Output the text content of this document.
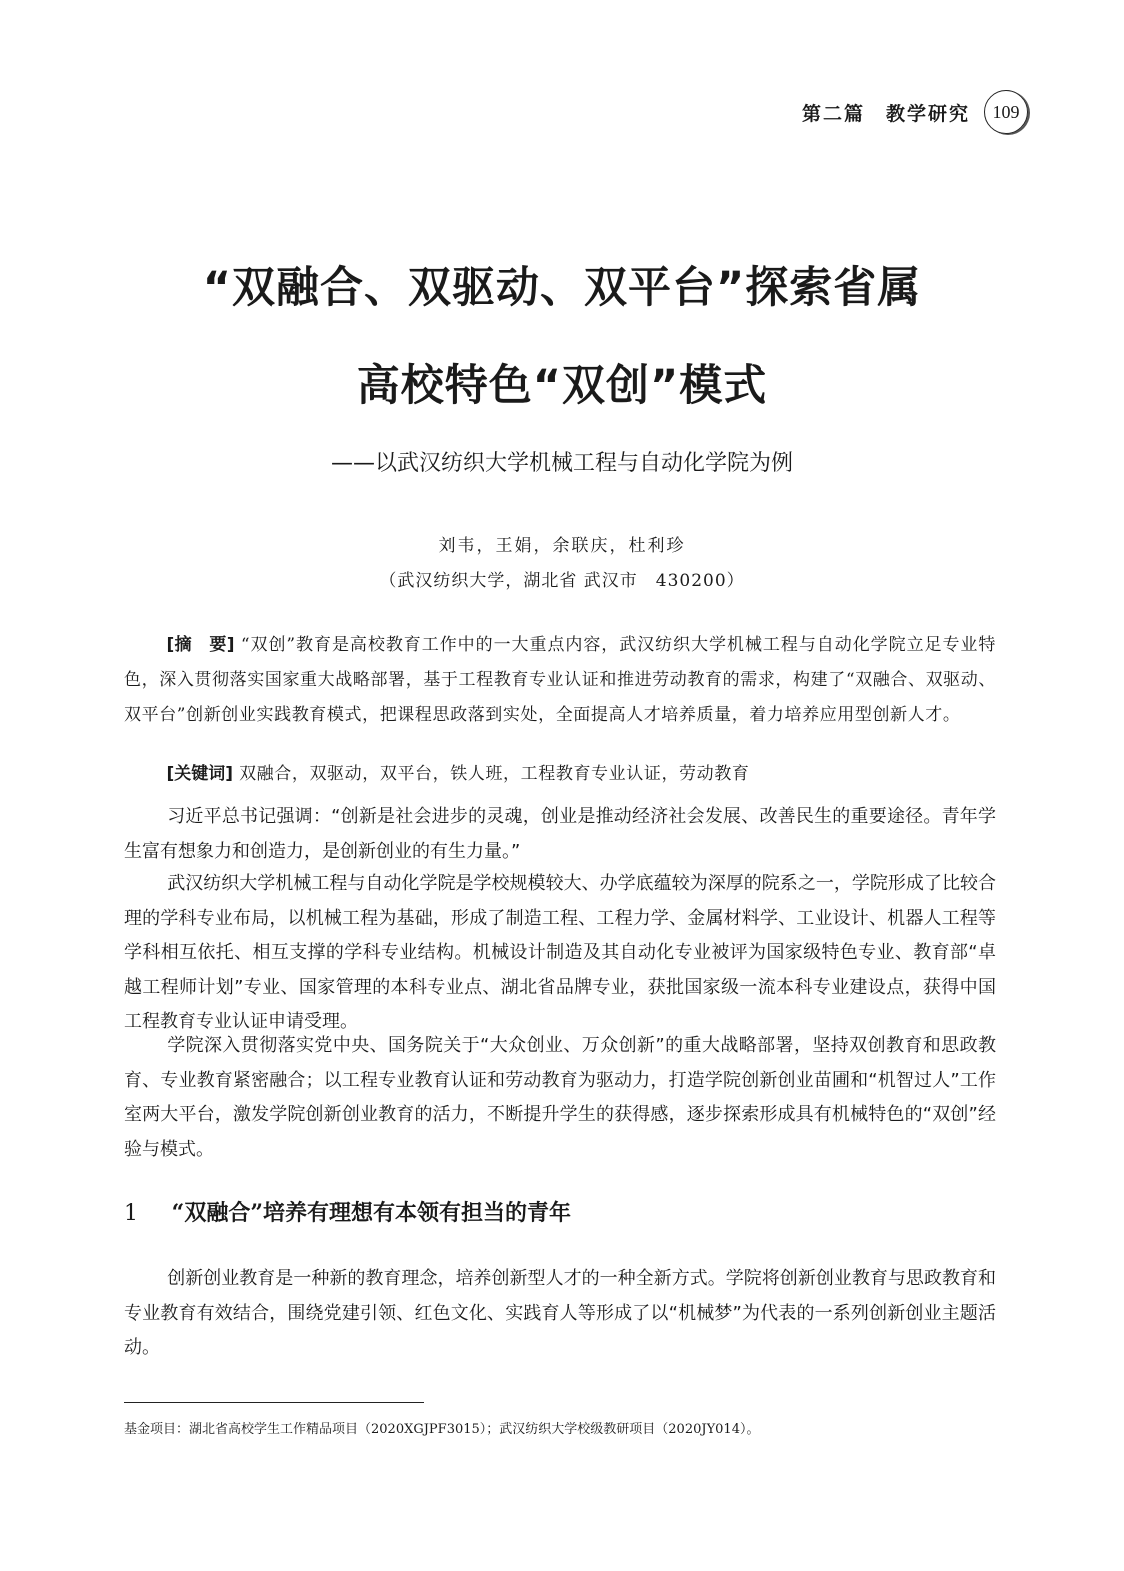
第二篇　教学研究	109
“双融合、双驱动、双平台”探索省属
高校特色“双创”模式
——以武汉纺织大学机械工程与自动化学院为例
刘韦，王娟，余联庆，杜利珍
（武汉纺织大学，湖北省 武汉市　430200）
[摘　要] “双创”教育是高校教育工作中的一大重点内容，武汉纺织大学机械工程与自动化学院立足专业特色，深入贯彻落实国家重大战略部署，基于工程教育专业认证和推进劳动教育的需求，构建了“双融合、双驱动、双平台”创新创业实践教育模式，把课程思政落到实处，全面提高人才培养质量，着力培养应用型创新人才。
[关键词] 双融合，双驱动，双平台，铁人班，工程教育专业认证，劳动教育

习近平总书记强调：“创新是社会进步的灵魂，创业是推动经济社会发展、改善民生的重要途径。青年学生富有想象力和创造力，是创新创业的有生力量。”

武汉纺织大学机械工程与自动化学院是学校规模较大、办学底蕴较为深厚的院系之一，学院形成了比较合理的学科专业布局，以机械工程为基础，形成了制造工程、工程力学、金属材料学、工业设计、机器人工程等学科相互依托、相互支撑的学科专业结构。机械设计制造及其自动化专业被评为国家级特色专业、教育部“卓越工程师计划”专业、国家管理的本科专业点、湖北省品牌专业，获批国家级一流本科专业建设点，获得中国工程教育专业认证申请受理。

学院深入贯彻落实党中央、国务院关于“大众创业、万众创新”的重大战略部署，坚持双创教育和思政教育、专业教育紧密融合；以工程专业教育认证和劳动教育为驱动力，打造学院创新创业苗圃和“机智过人”工作室两大平台，激发学院创新创业教育的活力，不断提升学生的获得感，逐步探索形成具有机械特色的“双创”经验与模式。

1 “双融合”培养有理想有本领有担当的青年

创新创业教育是一种新的教育理念，培养创新型人才的一种全新方式。学院将创新创业教育与思政教育和专业教育有效结合，围绕党建引领、红色文化、实践育人等形成了以“机械梦”为代表的一系列创新创业主题活动。

基金项目：湖北省高校学生工作精品项目（2020XGJPF3015）；武汉纺织大学校级教研项目（2020JY014）。
